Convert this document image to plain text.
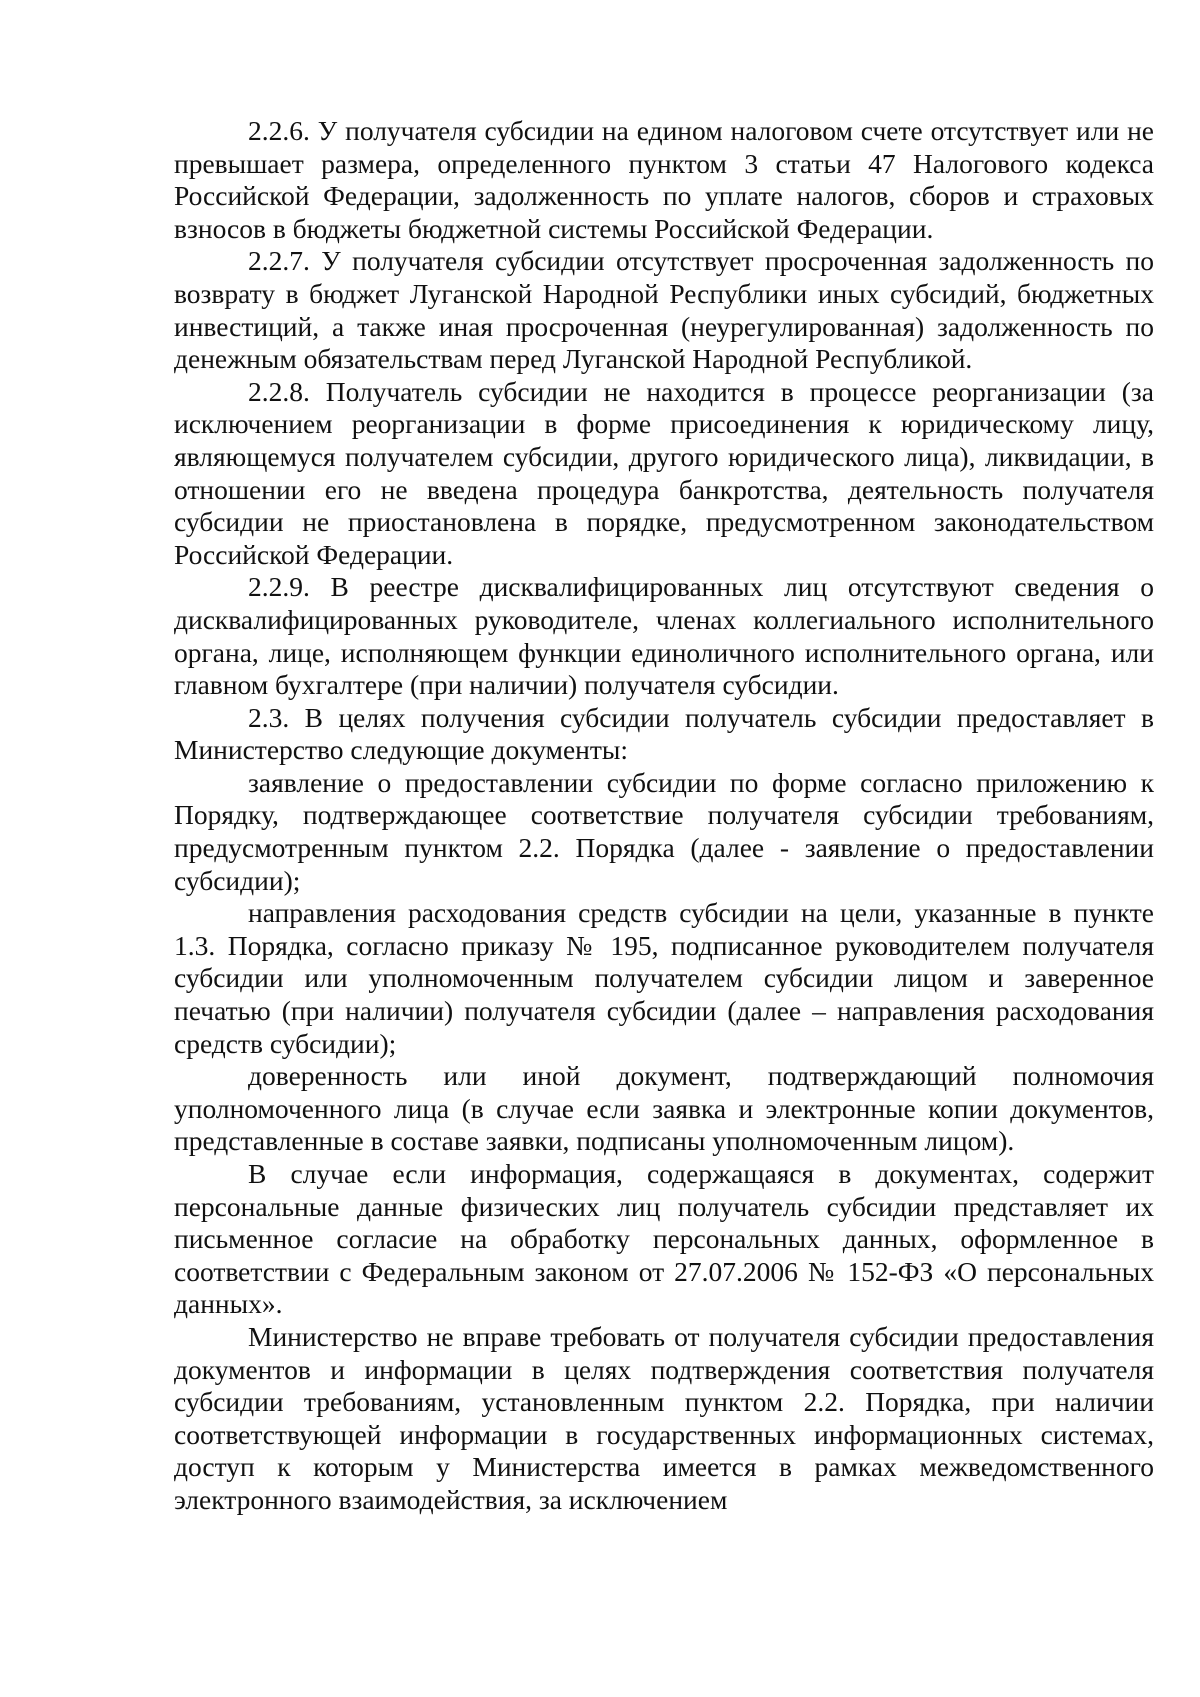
2.2.6. У получателя субсидии на едином налоговом счете отсутствует или не превышает размера, определенного пунктом 3 статьи 47 Налогового кодекса Российской Федерации, задолженность по уплате налогов, сборов и страховых взносов в бюджеты бюджетной системы Российской Федерации.

2.2.7. У получателя субсидии отсутствует просроченная задолженность по возврату в бюджет Луганской Народной Республики иных субсидий, бюджетных инвестиций, а также иная просроченная (неурегулированная) задолженность по денежным обязательствам перед Луганской Народной Республикой.

2.2.8. Получатель субсидии не находится в процессе реорганизации (за исключением реорганизации в форме присоединения к юридическому лицу, являющемуся получателем субсидии, другого юридического лица), ликвидации, в отношении его не введена процедура банкротства, деятельность получателя субсидии не приостановлена в порядке, предусмотренном законодательством Российской Федерации.

2.2.9. В реестре дисквалифицированных лиц отсутствуют сведения о дисквалифицированных руководителе, членах коллегиального исполнительного органа, лице, исполняющем функции единоличного исполнительного органа, или главном бухгалтере (при наличии) получателя субсидии.

2.3. В целях получения субсидии получатель субсидии предоставляет в Министерство следующие документы:

заявление о предоставлении субсидии по форме согласно приложению к Порядку, подтверждающее соответствие получателя субсидии требованиям, предусмотренным пунктом 2.2. Порядка (далее - заявление о предоставлении субсидии);

направления расходования средств субсидии на цели, указанные в пункте 1.3. Порядка, согласно приказу № 195, подписанное руководителем получателя субсидии или уполномоченным получателем субсидии лицом и заверенное печатью (при наличии) получателя субсидии (далее – направления расходования средств субсидии);

доверенность или иной документ, подтверждающий полномочия уполномоченного лица (в случае если заявка и электронные копии документов, представленные в составе заявки, подписаны уполномоченным лицом).

В случае если информация, содержащаяся в документах, содержит персональные данные физических лиц получатель субсидии представляет их письменное согласие на обработку персональных данных, оформленное в соответствии с Федеральным законом от 27.07.2006 № 152-ФЗ «О персональных данных».

Министерство не вправе требовать от получателя субсидии предоставления документов и информации в целях подтверждения соответствия получателя субсидии требованиям, установленным пунктом 2.2. Порядка, при наличии соответствующей информации в государственных информационных системах, доступ к которым у Министерства имеется в рамках межведомственного электронного взаимодействия, за исключением
